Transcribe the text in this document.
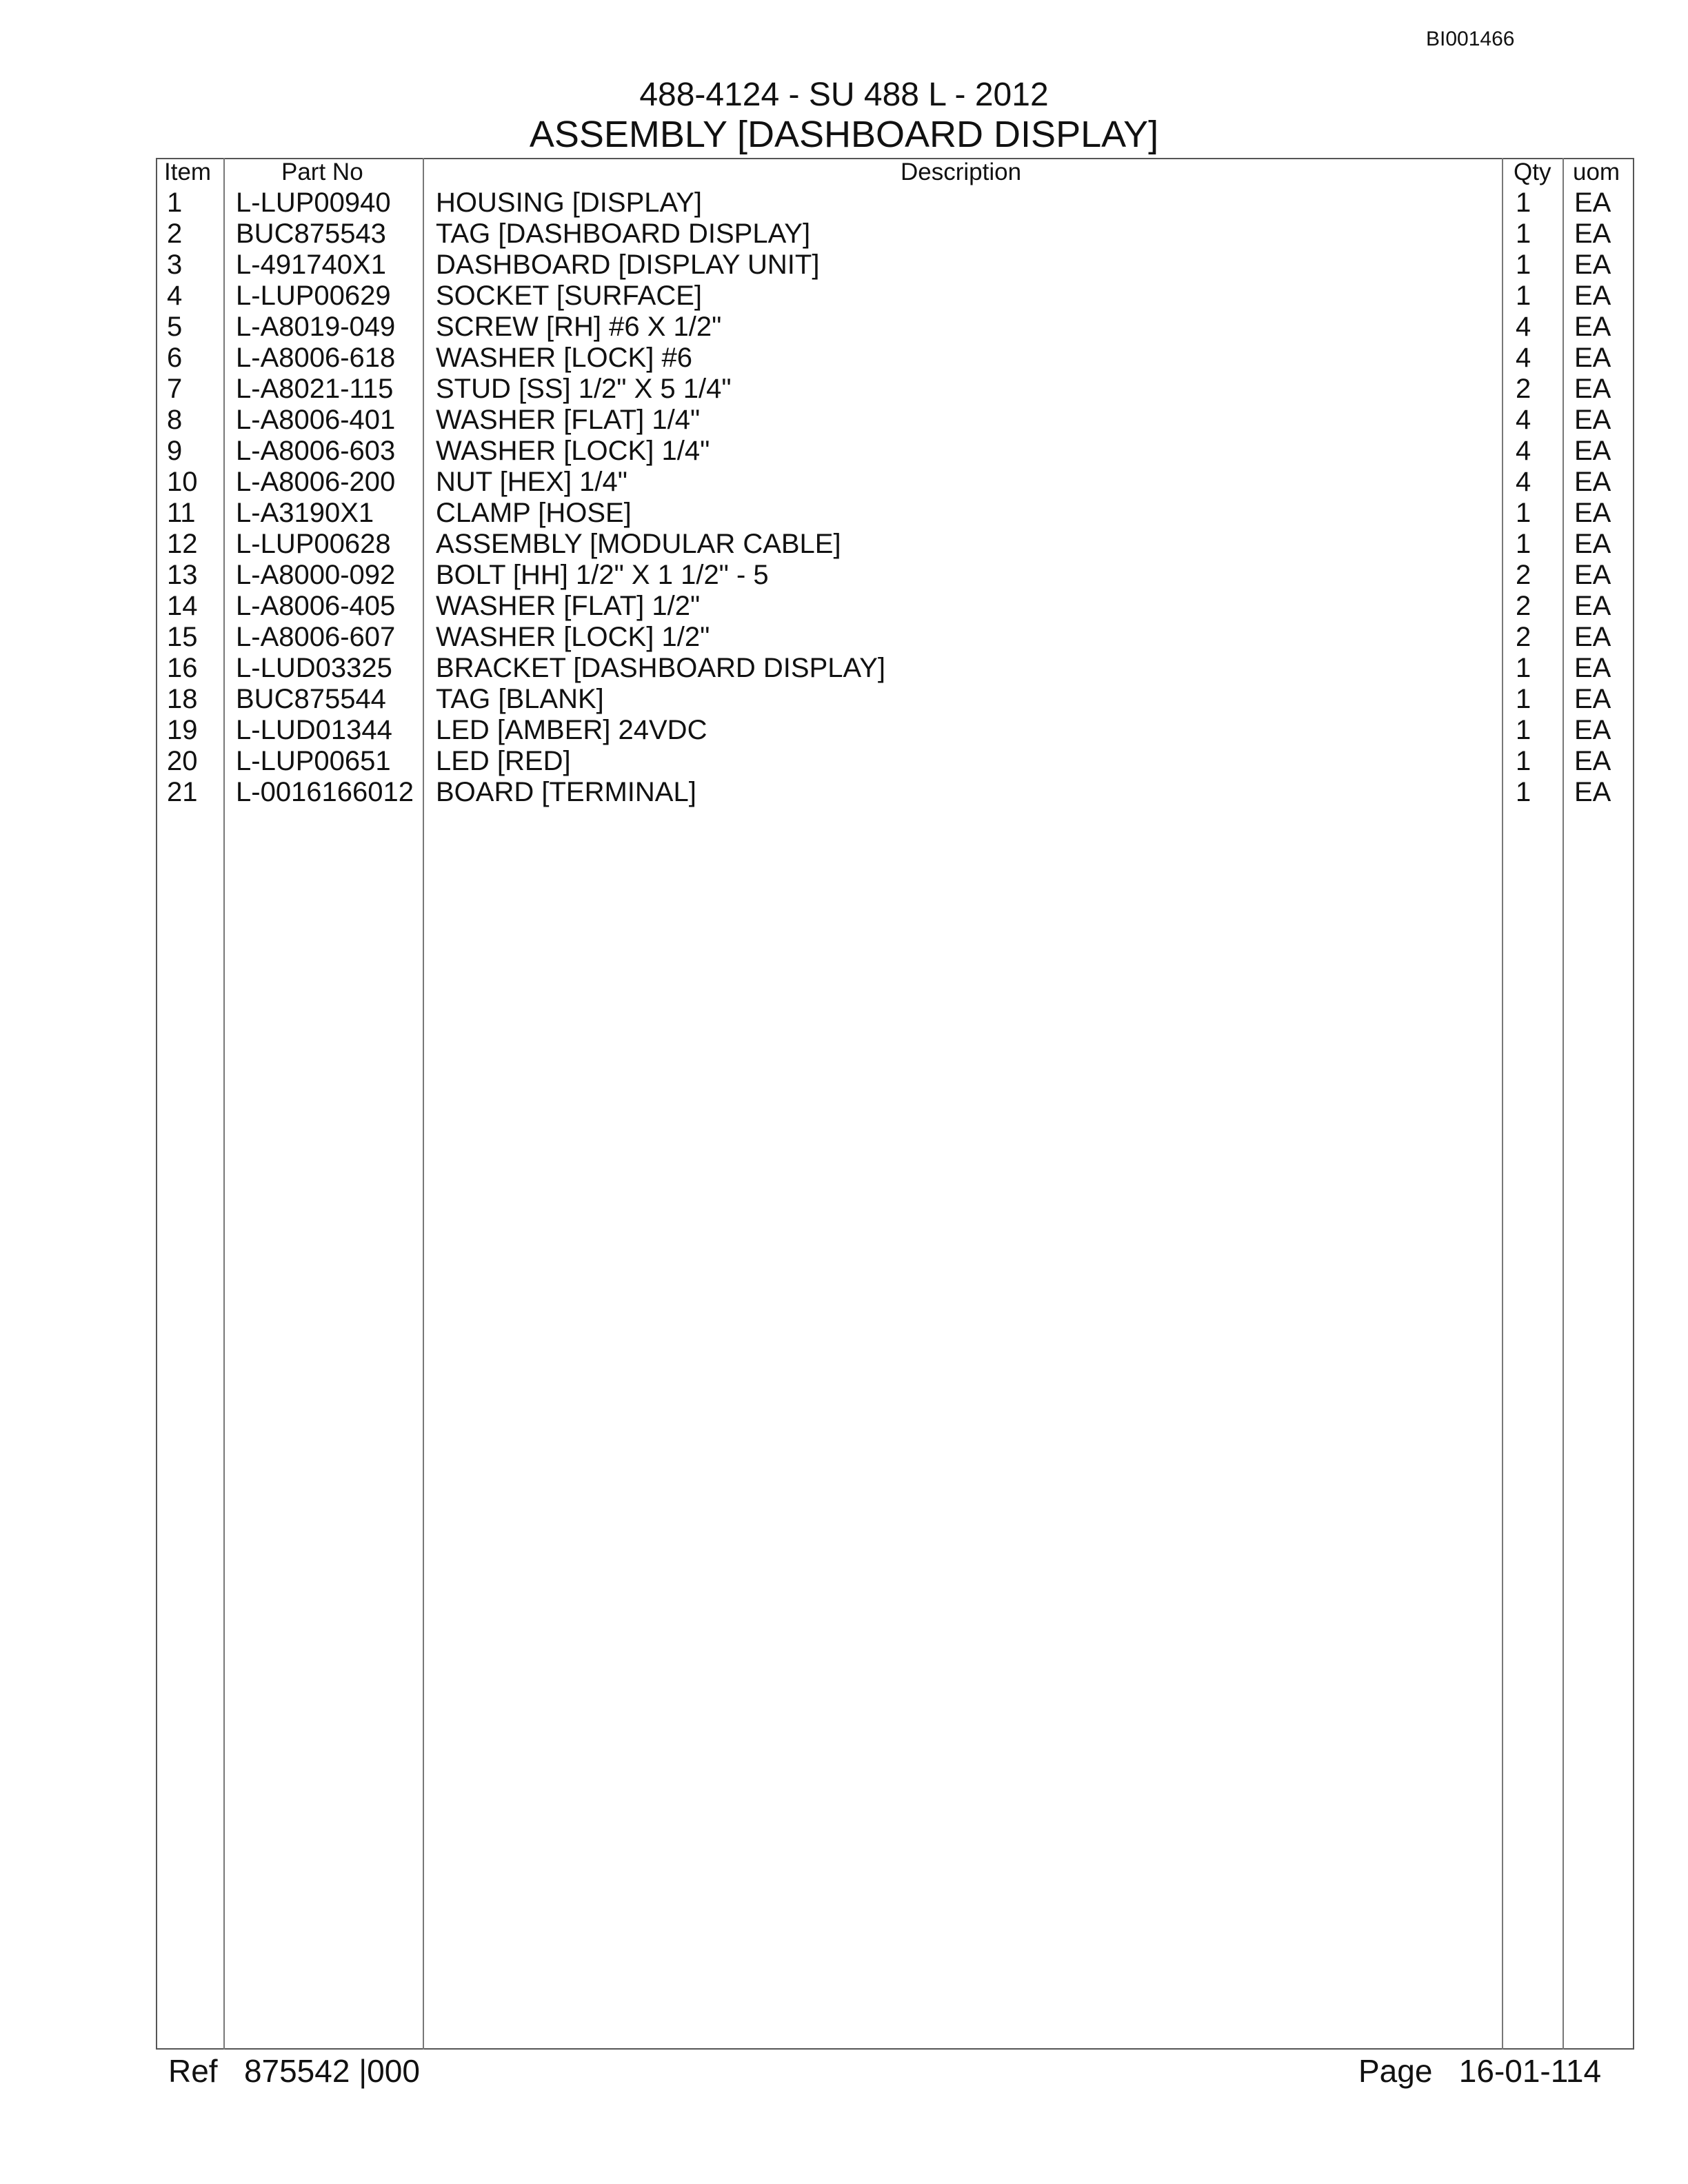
BI001466
488-4124 - SU 488 L - 2012
ASSEMBLY [DASHBOARD DISPLAY]
Item	Part No	Description	Qty uom
1 L-LUP00940 HOUSING [DISPLAY]	1 EA
2 BUC875543 TAG [DASHBOARD DISPLAY]	1 EA
3 L-491740X1 DASHBOARD [DISPLAY UNIT]	1 EA
4 L-LUP00629 SOCKET [SURFACE]	1 EA
5 L-A8019-049 SCREW [RH] #6 X 1/2"	4 EA
6 L-A8006-618 WASHER [LOCK] #6	4 EA
7 L-A8021-115 STUD [SS] 1/2" X 5 1/4"	2 EA
8 L-A8006-401 WASHER [FLAT] 1/4"	4 EA
9 L-A8006-603 WASHER [LOCK] 1/4"	4 EA
10 L-A8006-200 NUT [HEX] 1/4"	4 EA
11 L-A3190X1 CLAMP [HOSE]	1 EA
12 L-LUP00628 ASSEMBLY [MODULAR CABLE]	1 EA
13 L-A8000-092 BOLT [HH] 1/2" X 1 1/2" - 5	2 EA
14 L-A8006-405 WASHER [FLAT] 1/2"	2 EA
15 L-A8006-607 WASHER [LOCK] 1/2"	2 EA
16 L-LUD03325 BRACKET [DASHBOARD DISPLAY]	1 EA
18 BUC875544 TAG [BLANK]	1 EA
19 L-LUD01344 LED [AMBER] 24VDC	1 EA
20 L-LUP00651 LED [RED]	1 EA
21 L-0016166012 BOARD [TERMINAL]	1 EA
Ref 875542 |000	Page 16-01-114
